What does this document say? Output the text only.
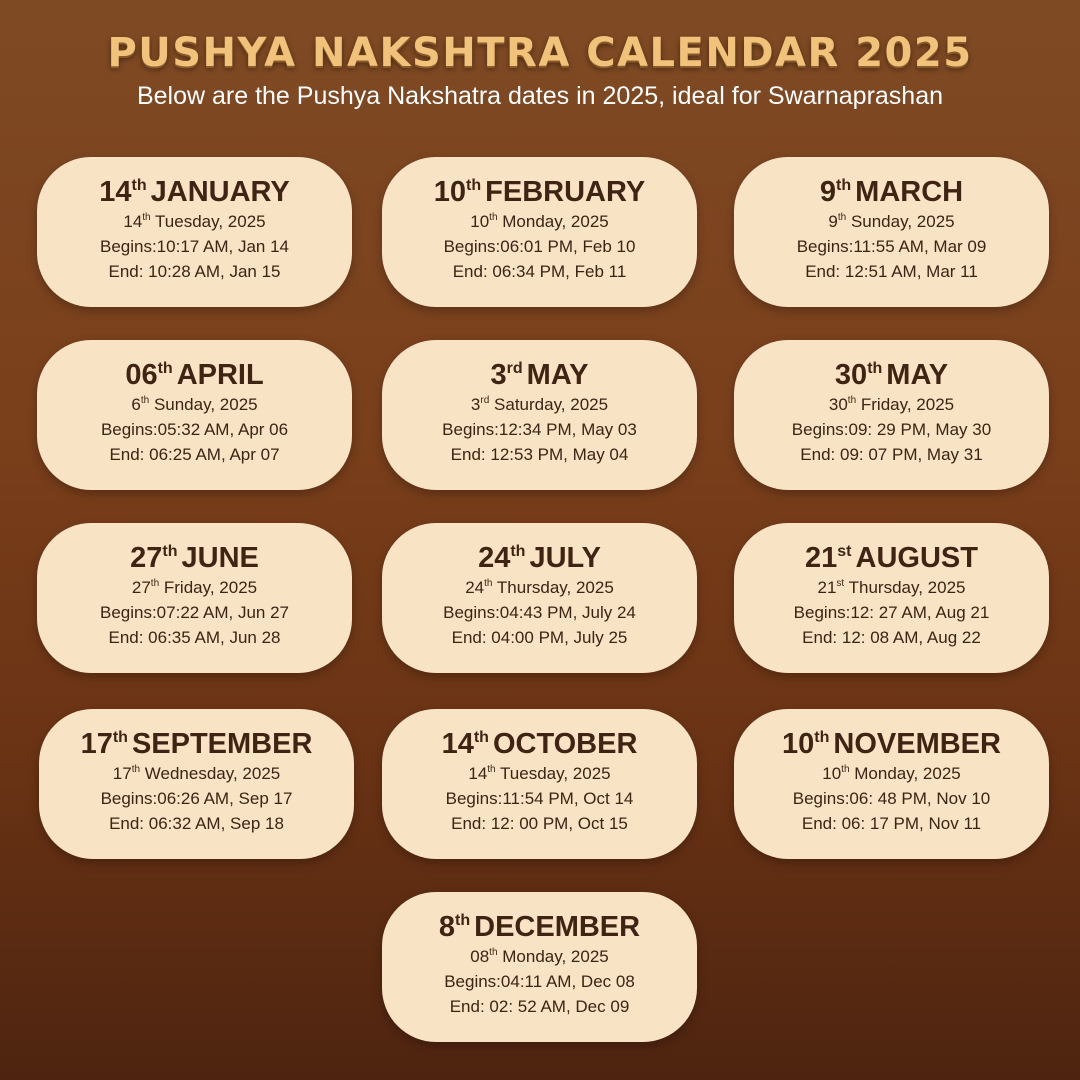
PUSHYA NAKSHTRA CALENDAR 2025
Below are the Pushya Nakshatra dates in 2025, ideal for Swarnaprashan
14th JANUARY
14th Tuesday, 2025
Begins:10:17 AM, Jan 14
End: 10:28 AM, Jan 15
10th FEBRUARY
10th Monday, 2025
Begins:06:01 PM, Feb 10
End: 06:34 PM, Feb 11
9th MARCH
9th Sunday, 2025
Begins:11:55 AM, Mar 09
End: 12:51 AM, Mar 11
06th APRIL
6th Sunday, 2025
Begins:05:32 AM, Apr 06
End: 06:25 AM, Apr 07
3rd MAY
3rd Saturday, 2025
Begins:12:34 PM, May 03
End: 12:53 PM, May 04
30th MAY
30th Friday, 2025
Begins:09: 29 PM, May 30
End: 09: 07 PM, May 31
27th JUNE
27th Friday, 2025
Begins:07:22 AM, Jun 27
End: 06:35 AM, Jun 28
24th JULY
24th Thursday, 2025
Begins:04:43 PM, July 24
End: 04:00 PM, July 25
21st AUGUST
21st Thursday, 2025
Begins:12: 27 AM, Aug 21
End: 12: 08 AM, Aug 22
17th SEPTEMBER
17th Wednesday, 2025
Begins:06:26 AM, Sep 17
End: 06:32 AM, Sep 18
14th OCTOBER
14th Tuesday, 2025
Begins:11:54 PM, Oct 14
End: 12: 00 PM, Oct 15
10th NOVEMBER
10th Monday, 2025
Begins:06: 48 PM, Nov 10
End: 06: 17 PM, Nov 11
8th DECEMBER
08th Monday, 2025
Begins:04:11 AM, Dec 08
End: 02: 52 AM, Dec 09
